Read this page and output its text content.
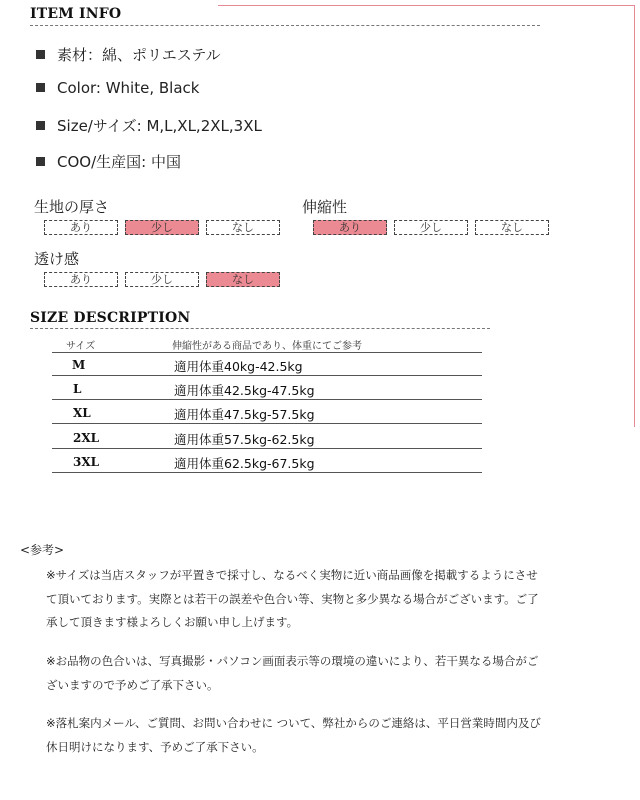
ITEM INFO
素材：綿、ポリエステル
Color: White, Black
Size/サイズ: M,L,XL,2XL,3XL
COO/生産国: 中国
生地の厚さ
あり	少し	なし
伸縮性
あり	少し	なし
透け感
あり	少し	なし
SIZE DESCRIPTION
サイズ	伸縮性がある商品であり、体重にてご参考
M	適用体重40kg-42.5kg
L	適用体重42.5kg-47.5kg
XL	適用体重47.5kg-57.5kg
2XL	適用体重57.5kg-62.5kg
3XL	適用体重62.5kg-67.5kg
<参考>
※サイズは当店スタッフが平置きで採寸し、なるべく実物に近い商品画像を掲載するようにさせて頂いております。実際とは若干の誤差や色合い等、実物と多少異なる場合がございます。ご了承して頂きます様よろしくお願い申し上げます。
※お品物の色合いは、写真撮影・パソコン画面表示等の環境の違いにより、若干異なる場合がございますので予めご了承下さい。
※落札案内メール、ご質問、お問い合わせに ついて、弊社からのご連絡は、平日営業時間内及び休日明けになります、予めご了承下さい。
